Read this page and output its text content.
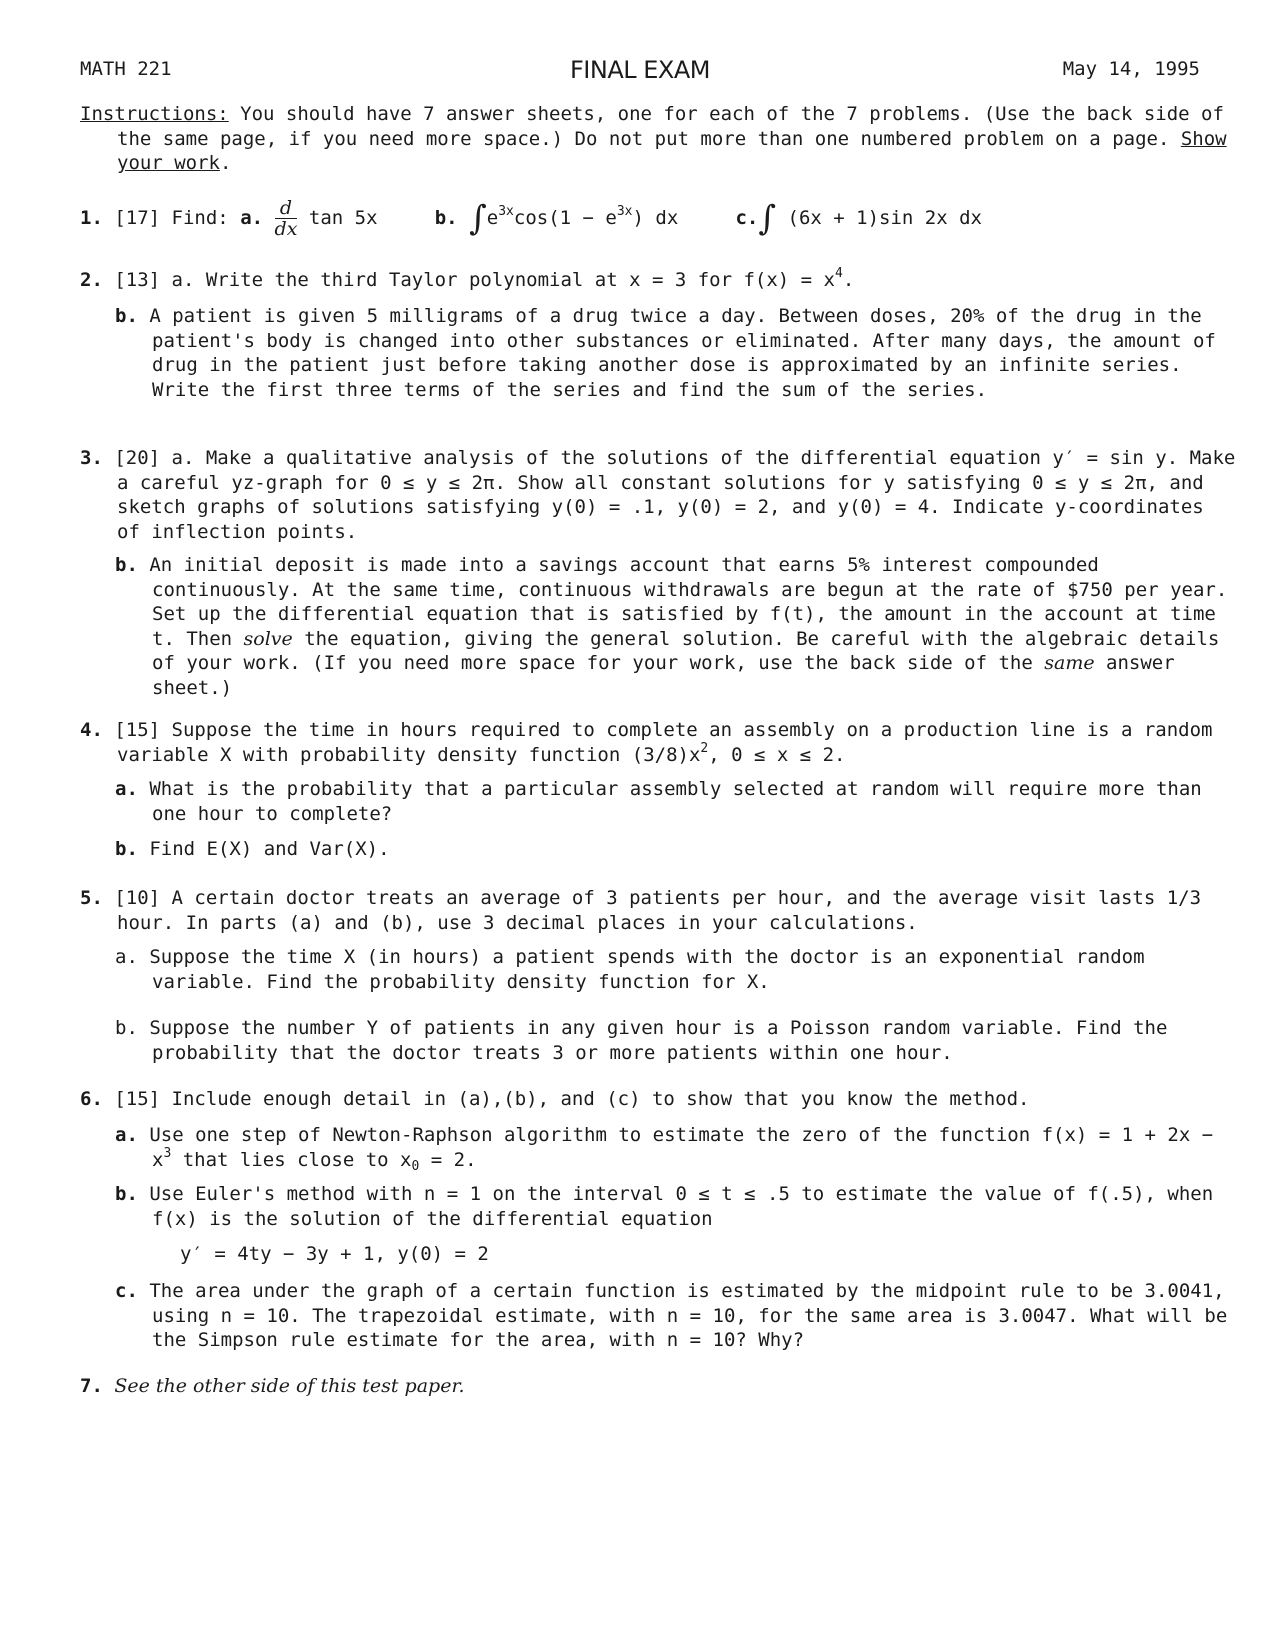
MATH 221	FINAL EXAM	May 14, 1995
Instructions: You should have 7 answer sheets, one for each of the 7 problems. (Use the back side of the same page, if you need more space.) Do not put more than one numbered problem on a page. Show your work.
1. [17] Find: a. $\frac{d}{dx}$ tan 5x	b. $\int e^{3x}\cos(1 - e^{3x})$ dx	c.∫ (6x + 1)sin 2x dx
2. [13] a. Write the third Taylor polynomial at x = 3 for $f(x) = x^4$.
b. A patient is given 5 milligrams of a drug twice a day. Between doses, 20% of the drug in the patient's body is changed into other substances or eliminated. After many days, the amount of drug in the patient just before taking another dose is approximated by an infinite series. Write the first three terms of the series and find the sum of the series.
3. [20] a. Make a qualitative analysis of the solutions of the differential equation y′ = sin y. Make a careful yz-graph for 0 ≤ y ≤ 2π. Show all constant solutions for y satisfying 0 ≤ y ≤ 2π, and sketch graphs of solutions satisfying y(0) = .1, y(0) = 2, and y(0) = 4. Indicate y-coordinates of inflection points.
b. An initial deposit is made into a savings account that earns 5% interest compounded continuously. At the same time, continuous withdrawals are begun at the rate of $750 per year. Set up the differential equation that is satisfied by f(t), the amount in the account at time t. Then solve the equation, giving the general solution. Be careful with the algebraic details of your work. (If you need more space for your work, use the back side of the same answer sheet.)
4. [15] Suppose the time in hours required to complete an assembly on a production line is a random variable X with probability density function $(3/8)x^2$, 0 ≤ x ≤ 2.
a. What is the probability that a particular assembly selected at random will require more than one hour to complete?
b. Find E(X) and Var(X).
5. [10] A certain doctor treats an average of 3 patients per hour, and the average visit lasts 1/3 hour. In parts (a) and (b), use 3 decimal places in your calculations.
a. Suppose the time X (in hours) a patient spends with the doctor is an exponential random variable. Find the probability density function for X.
b. Suppose the number Y of patients in any given hour is a Poisson random variable. Find the probability that the doctor treats 3 or more patients within one hour.
6. [15] Include enough detail in (a),(b), and (c) to show that you know the method.
a. Use one step of Newton-Raphson algorithm to estimate the zero of the function $f(x) = 1 + 2x - x^3$ that lies close to $x_0 = 2$.
b. Use Euler's method with n = 1 on the interval 0 ≤ t ≤ .5 to estimate the value of f(.5), when f(x) is the solution of the differential equation
y′ = 4ty − 3y + 1, y(0) = 2
c. The area under the graph of a certain function is estimated by the midpoint rule to be 3.0041, using n = 10. The trapezoidal estimate, with n = 10, for the same area is 3.0047. What will be the Simpson rule estimate for the area, with n = 10? Why?
7. See the other side of this test paper.
